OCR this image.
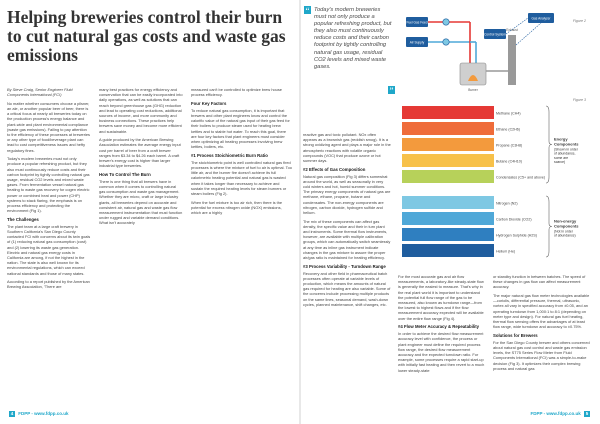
Helping breweries control their burn to cut natural gas costs and waste gas emissions

By Steve Craig, Senior Engineer Fluid Components International (FCI)

No matter whether consumers choose a pilsner, an ale, or another popular beer of beer, there is a critical focus at nearly all breweries today on the production process's energy balance and plant-wide and plant environmental compliance (waste gas emissions). Failing to pay attention to the efficiency of these processes at breweries or any other type of food/beverage plant can lead to cost competitiveness issues and hefty regulatory fines.

Today's modern breweries must not only produce a popular refreshing product, but they also must continuously reduce costs and their carbon footprint by tightly controlling natural gas usage, residual CO2 levels and mixed waste gases. From fermentation vessel natural gas heating to waste gas recovery for cogen electric power or combined heat and power (CHP) systems to stack flaring, the emphasis is on process efficiency and protecting the environment (Fig 1).

The Challenges

The plant team at a large craft brewery in Southern California's San Diego County contacted FCI with concerns about its twin goals of (1) reducing natural gas consumption (cost) and (2) lowering its waste gas generation. Electric and natural gas energy costs in California are among, if not the highest in the nation. The state is also well known for its environmental regulations, which can exceed national standards and those of many states.

According to a report published by the American Brewing Association, 'There are

many best practices for energy efficiency and conservation that can be easily incorporated into daily operations, as well as solutions that can reach beyond greenhouse gas (GHG) reduction and lead to operating cost reductions, additional sources of income, and more community and business connections. These practices help brewers save money and become more efficient and sustainable.

A guide produced by the American Brewing Association estimates the average energy input cost per barrel of beer from a craft brewer ranges from $3.34 to $4.26 each barrel. A craft brewer's energy cost is higher than larger industrial type breweries.

How To Control The Burn

There is one thing that all brewers have in common when it comes to controlling natural gas consumption and waste gas management. Whether they are micro, craft or large industry giants, all breweries depend on accurate and consistent air, natural gas and waste gas flow measurement instrumentation that must function under rugged and variable demand conditions. What isn't accurately

measured can't be controlled to optimize brew house process efficiency.

Four Key Factors

To reduce natural gas consumption, it is important that brewers and other plant engineers know and control the calorific value of the natural gas input of their gas feed for their boilers to produce steam used for heating brew kettles and to stable hot water. To reach this goal, there are four key factors that plant engineers must consider when optimizing all heating processes involving brew kettles, boilers, etc.

#1 Process Stoichiometric Burn Ratio

The stoichiometric point is well controlled natural gas fired processes is where the mixture of fuel to air is optimal. Too little air, and the burner fire doesn't achieve its full calorimetric heating potential and natural gas is wasted when it takes longer than necessary to achieve and sustain the required heating levels for steam burners or steam boilers (Fig 2).

When the fuel mixture is too air rich, then there is the potential for excess nitrogen oxide (NOX) emissions, which are a highly

“ Today's modern breweries must not only produce a popular refreshing product, but they also must continuously reduce costs and their carbon footprint by tightly controlling natural gas usage, residual CO2 levels and mixed waste gases.
”

reactive gas and toxic pollutant. NOx often appears as a brownish gas (reddish smog). It is a strong oxidizing agent and plays a major role in the atmospheric reactions with volatile organic compounds (VOC) that produce ozone or hot summer days.

#2 Effects of Gas Composition

Natural gas composition (Fig 3) differs somewhat around the world, as well as seasonally in very cold winters and hot, humid summer conditions. The primary energy components of natural gas are methane, ethane, propane, butane and condensates. The non-energy components are nitrogen, carbon dioxide, hydrogen sulfide and helium.

The mix of these components can affect gas density, the specific value and their in turn plant and instruments. Some thermal flow instruments, however, are available with multiple calibration groups, which can automatically switch seamlessly at any time as inline gas instrument indicate changes in the gas mixture to assure the proper air/gas ratio is maintained for heating efficiency.

#3 Process Variability - Turndown Range

Recovery and other field in pharmaceutical batch processes often operate at variable levels of production, which means the amounts of natural gas required for heating are also variable. Some of the concerns include processing multiple products on the same lines, seasonal demand, wash-down cycles, planned maintenance, shift changes, etc.

Fuel Gas Feed
Air Supply
Control System
Burner
Exhaust
Gas Analyzer
Figure 2
Methane (CH4)
Ethane (C2H6)
Propane (C3H8)
Butane (C4H10)
Condensates (C5+ and above)
Nitrogen (N2)
Carbon Dioxide (CO2)
Hydrogen Sulphide (H2S)
Helium (He)
Energy
Components
(Shown in order
of abundance,
some are
scarce)
Non-energy
Components
(Not in order
of abundance)
Figure 3

For the most accurate gas and air flow measurements, a laboratory-like steady-state flow is generally the easiest to measure. That's why in the real plant world it is important to understand the potential full flow range of the gas to be measured, also known as turndown range—from the lowest to highest flows and if the flow measurement accuracy expected will be available over the entire flow range (Fig 4).

#4 Flow Meter Accuracy & Repeatability

In order to achieve the desired flow measurement accuracy level with confidence, the process or plant engineer must define the required process flow range, the desired flow measurement accuracy and the expected turndown ratio. For example, some processes require a rapid start-up with initially fast heating and then revert to a much lower steady-state

or standby function in between batches. The speed of these changes in gas flow can affect measurement accuracy.

The major natural gas flow meter technologies available—coriolis, differential pressure, thermal, ultrasonic, vortex all vary in specified accuracy from ±0.05, and an operating turndown from 1,000:1 to 8:1 (depending on meter type and design). For natural gas fuel heating, thermal flow sensing offers the advantages of at least flow range, wide turndown and accuracy to ±0.75%.

Solutions for Brewers

For the San Diego County brewer and others concerned about natural gas cost control and waste gas emission levels, the ST75 Series Flow Meter from Fluid Components International (FCI) was a simple-to-make decision (Fig 3). It optimizes their complex brewing process and natural gas

4 FDPP - www.fdpp.co.uk	FDPP - www.fdpp.co.uk 5
